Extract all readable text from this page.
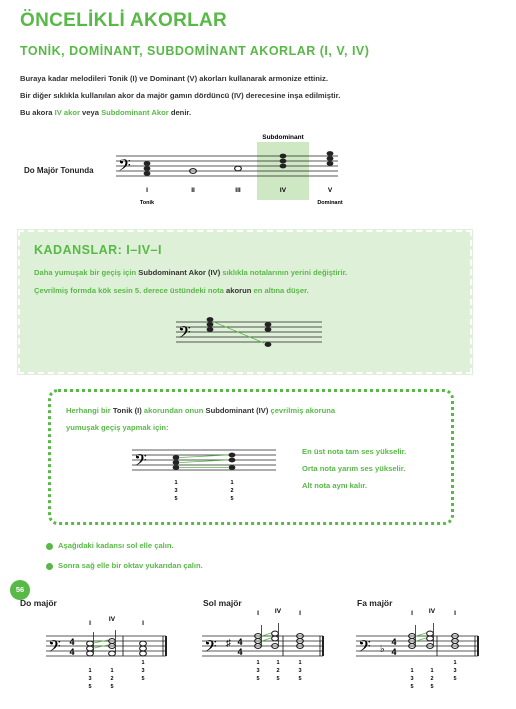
ÖNCELİKLİ AKORLAR
TONİK, DOMİNANT, SUBDOMİNANT AKORLAR (I, V, IV)
Buraya kadar melodileri Tonik (I) ve Dominant (V) akorları kullanarak armonize ettiniz.
Bir diğer sıklıkla kullanılan akor da majör gamın dördüncü (IV) derecesine inşa edilmiştir.
Bu akora IV akor veya Subdominant Akor denir.
Do Majör Tonunda
Subdominant
𝄢
I	II	III	IV	V
Tonik	Dominant
KADANSLAR: I–IV–I
Daha yumuşak bir geçiş için Subdominant Akor (IV) sıklıkla notalarının yerini değiştirir.
Çevrilmiş formda kök sesin 5. derece üstündeki nota akorun en altına düşer.
𝄢
Herhangi bir Tonik (I) akorundan onun Subdominant (IV) çevrilmiş akoruna
yumuşak geçiş yapmak için:
𝄢
1
3
5
1
2
5
En üst nota tam ses yükselir.
Orta nota yarım ses yükselir.
Alt nota aynı kalır.
Aşağıdaki kadansı sol elle çalın.
Sonra sağ elle bir oktav yukarıdan çalın.
56
Do majör	Sol majör	Fa majör
𝄢	𝄢	𝄢
♯
♭
4
4
4
4
4
4
I
IV
I
I IV	I	I IV	I
1
3
5
1
2
5
1
3
5
1
3
5
1
2
5
1
3
5
1
3
5
1
2
5
1
3
5
